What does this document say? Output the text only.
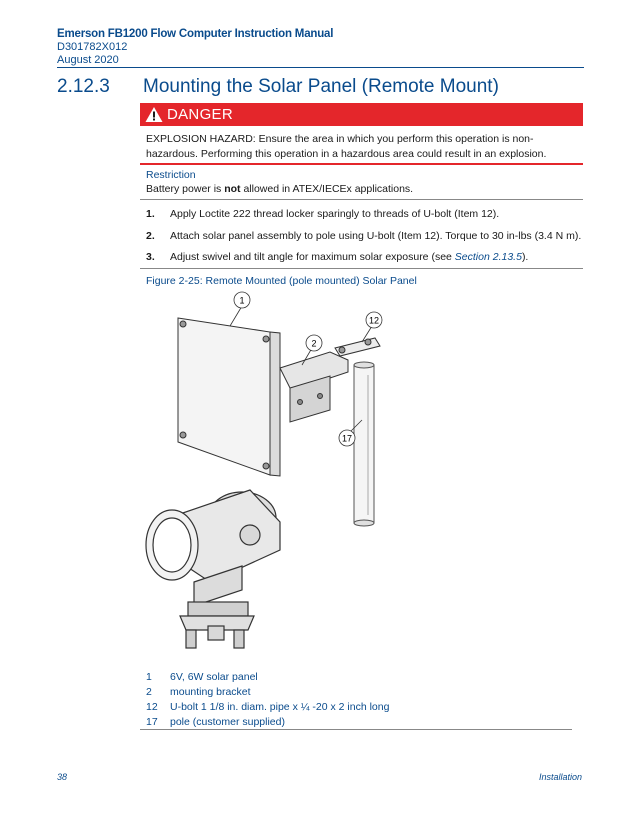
Emerson FB1200 Flow Computer Instruction Manual
D301782X012
August 2020
2.12.3 Mounting the Solar Panel (Remote Mount)
DANGER
EXPLOSION HAZARD: Ensure the area in which you perform this operation is non-hazardous. Performing this operation in a hazardous area could result in an explosion.
Restriction
Battery power is not allowed in ATEX/IECEx applications.
1. Apply Loctite 222 thread locker sparingly to threads of U-bolt (Item 12).
2. Attach solar panel assembly to pole using U-bolt (Item 12). Torque to 30 in-lbs (3.4 N m).
3. Adjust swivel and tilt angle for maximum solar exposure (see Section 2.13.5).
Figure 2-25: Remote Mounted (pole mounted) Solar Panel
1
2
12
17
1	6V, 6W solar panel
2	mounting bracket
12	U-bolt 1 1/8 in. diam. pipe x ¼ -20 x 2 inch long
17	pole (customer supplied)
38	Installation
